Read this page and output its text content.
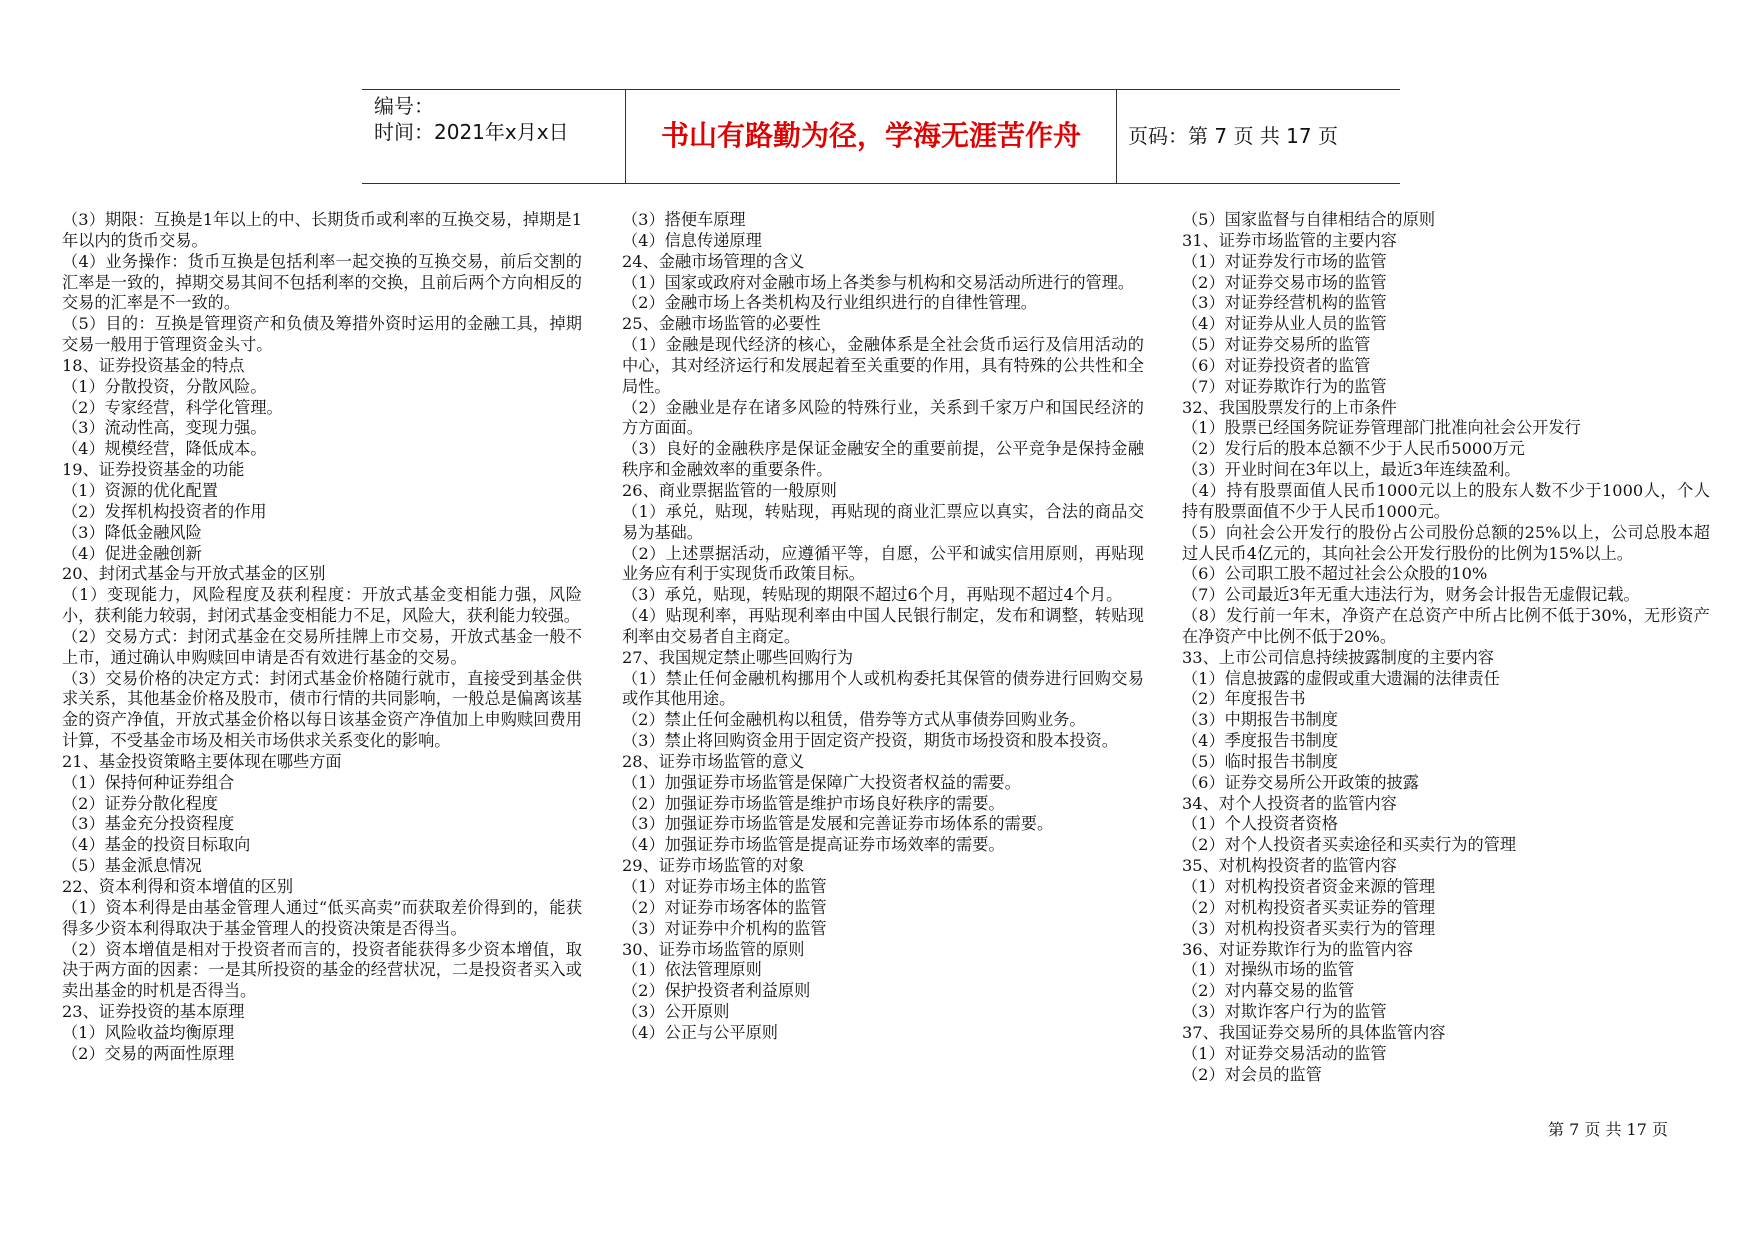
编号：
时间：2021年x月x日	书山有路勤为径，学海无涯苦作舟	页码：第 7 页 共 17 页

（3）期限：互换是1年以上的中、长期货币或利率的互换交易，掉期是1年以内的货币交易。

（4）业务操作：货币互换是包括利率一起交换的互换交易，前后交割的汇率是一致的，掉期交易其间不包括利率的交换，且前后两个方向相反的交易的汇率是不一致的。

（5）目的：互换是管理资产和负债及筹措外资时运用的金融工具，掉期交易一般用于管理资金头寸。

18、证券投资基金的特点

（1）分散投资，分散风险。

（2）专家经营，科学化管理。

（3）流动性高，变现力强。

（4）规模经营，降低成本。

19、证券投资基金的功能

（1）资源的优化配置

（2）发挥机构投资者的作用

（3）降低金融风险

（4）促进金融创新

20、封闭式基金与开放式基金的区别

（1）变现能力，风险程度及获利程度：开放式基金变相能力强，风险小，获利能力较弱，封闭式基金变相能力不足，风险大，获利能力较强。

（2）交易方式：封闭式基金在交易所挂牌上市交易，开放式基金一般不上市，通过确认申购赎回申请是否有效进行基金的交易。

（3）交易价格的决定方式：封闭式基金价格随行就市，直接受到基金供求关系，其他基金价格及股市，债市行情的共同影响，一般总是偏离该基金的资产净值，开放式基金价格以每日该基金资产净值加上申购赎回费用计算，不受基金市场及相关市场供求关系变化的影响。

21、基金投资策略主要体现在哪些方面

（1）保持何种证券组合

（2）证券分散化程度

（3）基金充分投资程度

（4）基金的投资目标取向

（5）基金派息情况

22、资本利得和资本增值的区别

（1）资本利得是由基金管理人通过“低买高卖”而获取差价得到的，能获得多少资本利得取决于基金管理人的投资决策是否得当。

（2）资本增值是相对于投资者而言的，投资者能获得多少资本增值，取决于两方面的因素：一是其所投资的基金的经营状况，二是投资者买入或卖出基金的时机是否得当。

23、证券投资的基本原理

（1）风险收益均衡原理

（2）交易的两面性原理

（3）搭便车原理

（4）信息传递原理

24、金融市场管理的含义

（1）国家或政府对金融市场上各类参与机构和交易活动所进行的管理。

（2）金融市场上各类机构及行业组织进行的自律性管理。

25、金融市场监管的必要性

（1）金融是现代经济的核心，金融体系是全社会货币运行及信用活动的中心，其对经济运行和发展起着至关重要的作用，具有特殊的公共性和全局性。

（2）金融业是存在诸多风险的特殊行业，关系到千家万户和国民经济的方方面面。

（3）良好的金融秩序是保证金融安全的重要前提，公平竞争是保持金融秩序和金融效率的重要条件。

26、商业票据监管的一般原则

（1）承兑，贴现，转贴现，再贴现的商业汇票应以真实，合法的商品交易为基础。

（2）上述票据活动，应遵循平等，自愿，公平和诚实信用原则，再贴现业务应有利于实现货币政策目标。

（3）承兑，贴现，转贴现的期限不超过6个月，再贴现不超过4个月。

（4）贴现利率，再贴现利率由中国人民银行制定，发布和调整，转贴现利率由交易者自主商定。

27、我国规定禁止哪些回购行为

（1）禁止任何金融机构挪用个人或机构委托其保管的债券进行回购交易或作其他用途。

（2）禁止任何金融机构以租赁，借券等方式从事债券回购业务。

（3）禁止将回购资金用于固定资产投资，期货市场投资和股本投资。

28、证券市场监管的意义

（1）加强证券市场监管是保障广大投资者权益的需要。

（2）加强证券市场监管是维护市场良好秩序的需要。

（3）加强证券市场监管是发展和完善证券市场体系的需要。

（4）加强证券市场监管是提高证券市场效率的需要。

29、证券市场监管的对象

（1）对证券市场主体的监管

（2）对证券市场客体的监管

（3）对证券中介机构的监管

30、证券市场监管的原则

（1）依法管理原则

（2）保护投资者利益原则

（3）公开原则

（4）公正与公平原则

（5）国家监督与自律相结合的原则

31、证券市场监管的主要内容

（1）对证券发行市场的监管

（2）对证券交易市场的监管

（3）对证券经营机构的监管

（4）对证券从业人员的监管

（5）对证券交易所的监管

（6）对证券投资者的监管

（7）对证券欺诈行为的监管

32、我国股票发行的上市条件

（1）股票已经国务院证券管理部门批准向社会公开发行

（2）发行后的股本总额不少于人民币5000万元

（3）开业时间在3年以上，最近3年连续盈利。

（4）持有股票面值人民币1000元以上的股东人数不少于1000人，个人持有股票面值不少于人民币1000元。

（5）向社会公开发行的股份占公司股份总额的25%以上，公司总股本超过人民币4亿元的，其向社会公开发行股份的比例为15%以上。

（6）公司职工股不超过社会公众股的10%

（7）公司最近3年无重大违法行为，财务会计报告无虚假记载。

（8）发行前一年末，净资产在总资产中所占比例不低于30%，无形资产在净资产中比例不低于20%。

33、上市公司信息持续披露制度的主要内容

（1）信息披露的虚假或重大遗漏的法律责任

（2）年度报告书

（3）中期报告书制度

（4）季度报告书制度

（5）临时报告书制度

（6）证券交易所公开政策的披露

34、对个人投资者的监管内容

（1）个人投资者资格

（2）对个人投资者买卖途径和买卖行为的管理

35、对机构投资者的监管内容

（1）对机构投资者资金来源的管理

（2）对机构投资者买卖证券的管理

（3）对机构投资者买卖行为的管理

36、对证券欺诈行为的监管内容

（1）对操纵市场的监管

（2）对内幕交易的监管

（3）对欺诈客户行为的监管

37、我国证券交易所的具体监管内容

（1）对证券交易活动的监管

（2）对会员的监管

第 7 页 共 17 页
